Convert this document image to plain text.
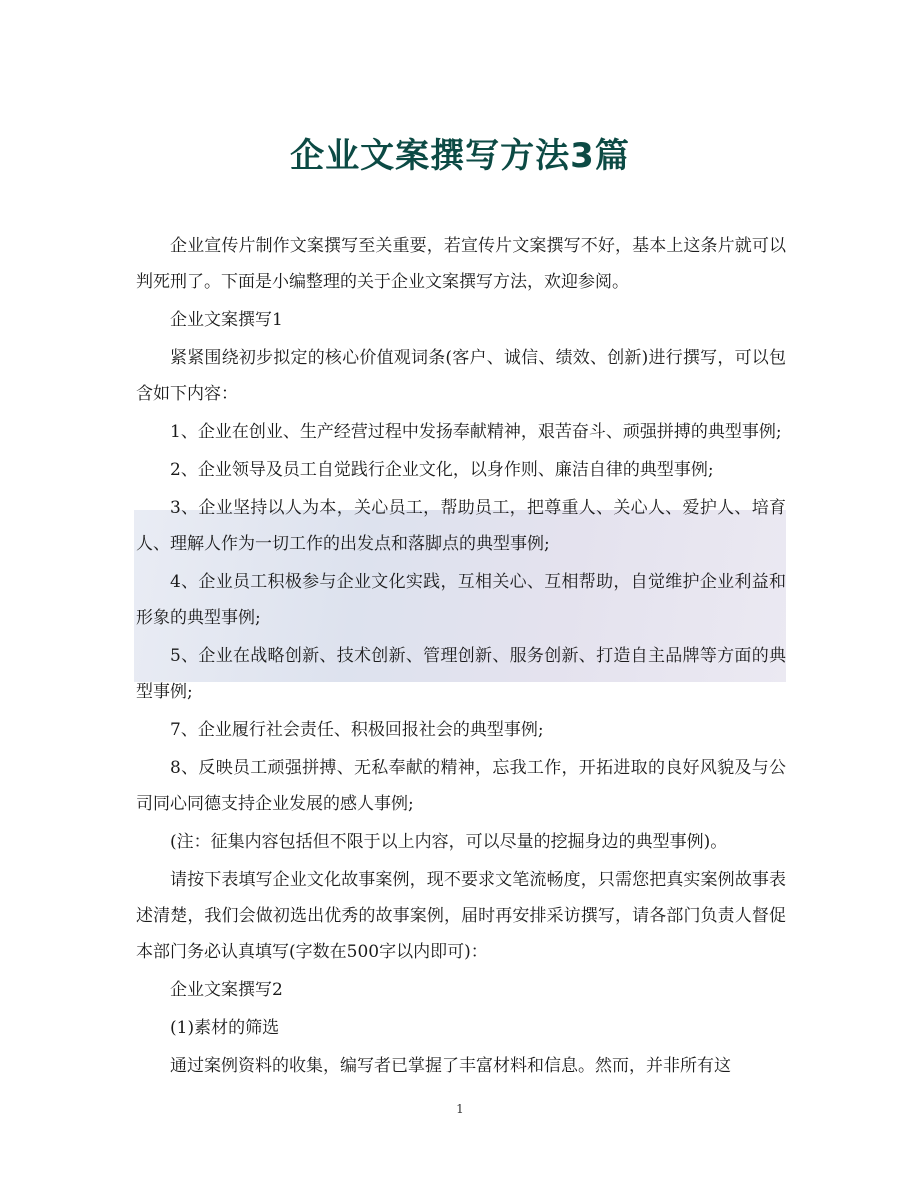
企业文案撰写方法3篇

企业宣传片制作文案撰写至关重要，若宣传片文案撰写不好，基本上这条片就可以判死刑了。下面是小编整理的关于企业文案撰写方法，欢迎参阅。

企业文案撰写1

紧紧围绕初步拟定的核心价值观词条(客户、诚信、绩效、创新)进行撰写，可以包含如下内容：

1、企业在创业、生产经营过程中发扬奉献精神，艰苦奋斗、顽强拼搏的典型事例;

2、企业领导及员工自觉践行企业文化，以身作则、廉洁自律的典型事例;

3、企业坚持以人为本，关心员工，帮助员工，把尊重人、关心人、爱护人、培育人、理解人作为一切工作的出发点和落脚点的典型事例;

4、企业员工积极参与企业文化实践，互相关心、互相帮助，自觉维护企业利益和形象的典型事例;

5、企业在战略创新、技术创新、管理创新、服务创新、打造自主品牌等方面的典型事例;

7、企业履行社会责任、积极回报社会的典型事例;

8、反映员工顽强拼搏、无私奉献的精神，忘我工作，开拓进取的良好风貌及与公司同心同德支持企业发展的感人事例;

(注：征集内容包括但不限于以上内容，可以尽量的挖掘身边的典型事例)。

请按下表填写企业文化故事案例，现不要求文笔流畅度，只需您把真实案例故事表述清楚，我们会做初选出优秀的故事案例，届时再安排采访撰写，请各部门负责人督促本部门务必认真填写(字数在500字以内即可)：

企业文案撰写2

(1)素材的筛选

通过案例资料的收集，编写者已掌握了丰富材料和信息。然而，并非所有这

1
